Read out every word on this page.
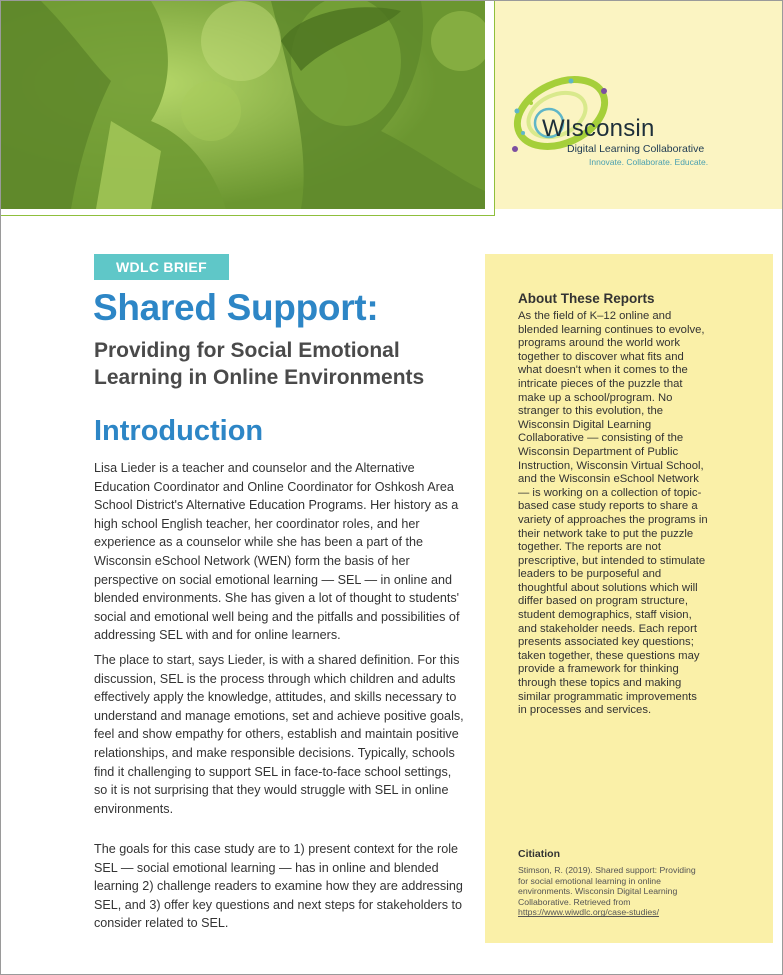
WIsconsin
Digital Learning Collaborative
Innovate. Collaborate. Educate.
WDLC BRIEF
Shared Support:
Providing for Social Emotional Learning in Online Environments
Introduction

Lisa Lieder is a teacher and counselor and the Alternative Education Coordinator and Online Coordinator for Oshkosh Area School District's Alternative Education Programs. Her history as a high school English teacher, her coordinator roles, and her experience as a counselor while she has been a part of the Wisconsin eSchool Network (WEN) form the basis of her perspective on social emotional learning — SEL — in online and blended environments. She has given a lot of thought to students' social and emotional well being and the pitfalls and possibilities of addressing SEL with and for online learners.

The place to start, says Lieder, is with a shared definition. For this discussion, SEL is the process through which children and adults effectively apply the knowledge, attitudes, and skills necessary to understand and manage emotions, set and achieve positive goals, feel and show empathy for others, establish and maintain positive relationships, and make responsible decisions. Typically, schools find it challenging to support SEL in face-to-face school settings, so it is not surprising that they would struggle with SEL in online environments.

The goals for this case study are to 1) present context for the role SEL — social emotional learning — has in online and blended learning 2) challenge readers to examine how they are addressing SEL, and 3) offer key questions and next steps for stakeholders to consider related to SEL.

About These Reports
As the field of K–12 online and blended learning continues to evolve, programs around the world work together to discover what fits and what doesn't when it comes to the intricate pieces of the puzzle that make up a school/program. No stranger to this evolution, the Wisconsin Digital Learning Collaborative — consisting of the Wisconsin Department of Public Instruction, Wisconsin Virtual School, and the Wisconsin eSchool Network — is working on a collection of topic-based case study reports to share a variety of approaches the programs in their network take to put the puzzle together. The reports are not prescriptive, but intended to stimulate leaders to be purposeful and thoughtful about solutions which will differ based on program structure, student demographics, staff vision, and stakeholder needs. Each report presents associated key questions; taken together, these questions may provide a framework for thinking through these topics and making similar programmatic improvements in processes and services.
Citiation
Stimson, R. (2019). Shared support: Providing for social emotional learning in online environments. Wisconsin Digital Learning Collaborative. Retrieved from https://www.wiwdlc.org/case-studies/
